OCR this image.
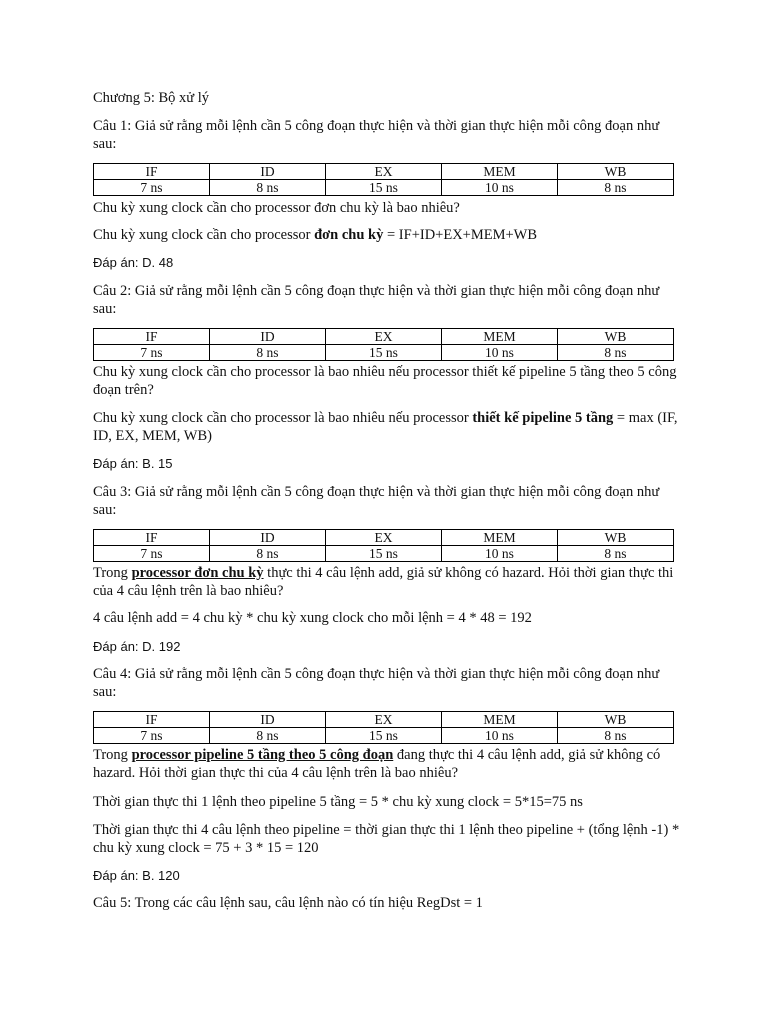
Chương 5: Bộ xử lý

Câu 1: Giả sử rằng mỗi lệnh cần 5 công đoạn thực hiện và thời gian thực hiện mỗi công đoạn như sau:

IF	ID	EX	MEM	WB
7 ns	8 ns	15 ns	10 ns	8 ns

Chu kỳ xung clock cần cho processor đơn chu kỳ là bao nhiêu?

Chu kỳ xung clock cần cho processor đơn chu kỳ = IF+ID+EX+MEM+WB

Đáp án: D. 48

Câu 2: Giả sử rằng mỗi lệnh cần 5 công đoạn thực hiện và thời gian thực hiện mỗi công đoạn như sau:

IF	ID	EX	MEM	WB
7 ns	8 ns	15 ns	10 ns	8 ns

Chu kỳ xung clock cần cho processor là bao nhiêu nếu processor thiết kế pipeline 5 tầng theo 5 công đoạn trên?

Chu kỳ xung clock cần cho processor là bao nhiêu nếu processor thiết kế pipeline 5 tầng = max (IF, ID, EX, MEM, WB)

Đáp án: B. 15

Câu 3: Giả sử rằng mỗi lệnh cần 5 công đoạn thực hiện và thời gian thực hiện mỗi công đoạn như sau:

IF	ID	EX	MEM	WB
7 ns	8 ns	15 ns	10 ns	8 ns

Trong processor đơn chu kỳ thực thi 4 câu lệnh add, giả sử không có hazard. Hỏi thời gian thực thi của 4 câu lệnh trên là bao nhiêu?

4 câu lệnh add = 4 chu kỳ * chu kỳ xung clock cho mỗi lệnh = 4 * 48 = 192

Đáp án: D. 192

Câu 4: Giả sử rằng mỗi lệnh cần 5 công đoạn thực hiện và thời gian thực hiện mỗi công đoạn như sau:

IF	ID	EX	MEM	WB
7 ns	8 ns	15 ns	10 ns	8 ns

Trong processor pipeline 5 tầng theo 5 công đoạn đang thực thi 4 câu lệnh add, giả sử không có hazard. Hỏi thời gian thực thi của 4 câu lệnh trên là bao nhiêu?

Thời gian thực thi 1 lệnh theo pipeline 5 tầng = 5 * chu kỳ xung clock = 5*15=75 ns

Thời gian thực thi 4 câu lệnh theo pipeline = thời gian thực thi 1 lệnh theo pipeline + (tổng lệnh -1) * chu kỳ xung clock = 75 + 3 * 15 = 120

Đáp án: B. 120

Câu 5: Trong các câu lệnh sau, câu lệnh nào có tín hiệu RegDst = 1
